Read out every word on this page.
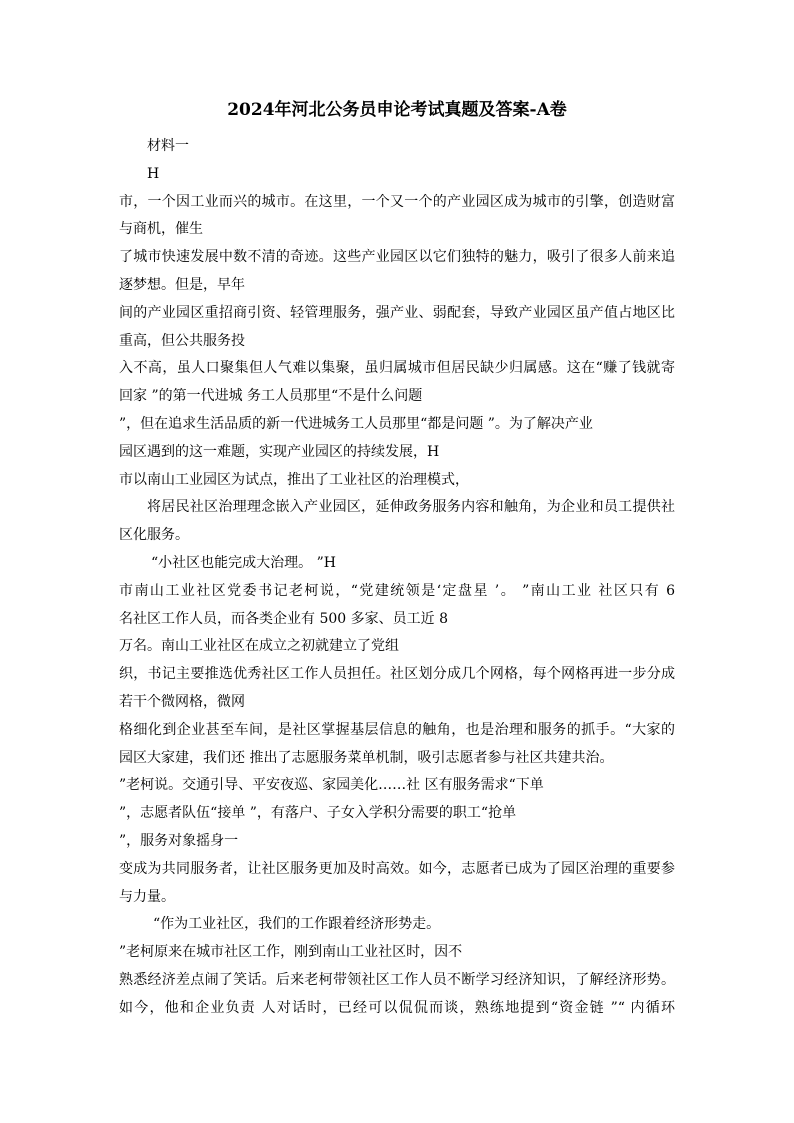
2024年河北公务员申论考试真题及答案-A卷
材料一
H
市，一个因工业而兴的城市。在这里，一个又一个的产业园区成为城市的引擎，创造财富
与商机，催生
了城市快速发展中数不清的奇迹。这些产业园区以它们独特的魅力，吸引了很多人前来追
逐梦想。但是，早年
间的产业园区重招商引资、轻管理服务，强产业、弱配套，导致产业园区虽产值占地区比
重高，但公共服务投
入不高，虽人口聚集但人气难以集聚，虽归属城市但居民缺少归属感。这在“赚了钱就寄
回家 ”的第一代进城 务工人员那里“不是什么问题
”，但在追求生活品质的新一代进城务工人员那里“都是问题 ”。为了解决产业
园区遇到的这一难题，实现产业园区的持续发展，H
市以南山工业园区为试点，推出了工业社区的治理模式，
将居民社区治理理念嵌入产业园区，延伸政务服务内容和触角，为企业和员工提供社
区化服务。
“小社区也能完成大治理。 ”H
市南山工业社区党委书记老柯说，“党建统领是‘定盘星 ’。 ”南山工业 社区只有 6
名社区工作人员，而各类企业有 500 多家、员工近 8
万名。南山工业社区在成立之初就建立了党组
织，书记主要推选优秀社区工作人员担任。社区划分成几个网格，每个网格再进一步分成
若干个微网格，微网
格细化到企业甚至车间，是社区掌握基层信息的触角，也是治理和服务的抓手。“大家的
园区大家建，我们还 推出了志愿服务菜单机制，吸引志愿者参与社区共建共治。
”老柯说。交通引导、平安夜巡、家园美化……社 区有服务需求“下单
”，志愿者队伍“接单 ”，有落户、子女入学积分需要的职工“抢单
”，服务对象摇身一
变成为共同服务者，让社区服务更加及时高效。如今，志愿者已成为了园区治理的重要参
与力量。
“作为工业社区，我们的工作跟着经济形势走。
”老柯原来在城市社区工作，刚到南山工业社区时，因不
熟悉经济差点闹了笑话。后来老柯带领社区工作人员不断学习经济知识，了解经济形势。
如今，他和企业负责 人对话时，已经可以侃侃而谈，熟练地提到“资金链 ”“ 内循环
